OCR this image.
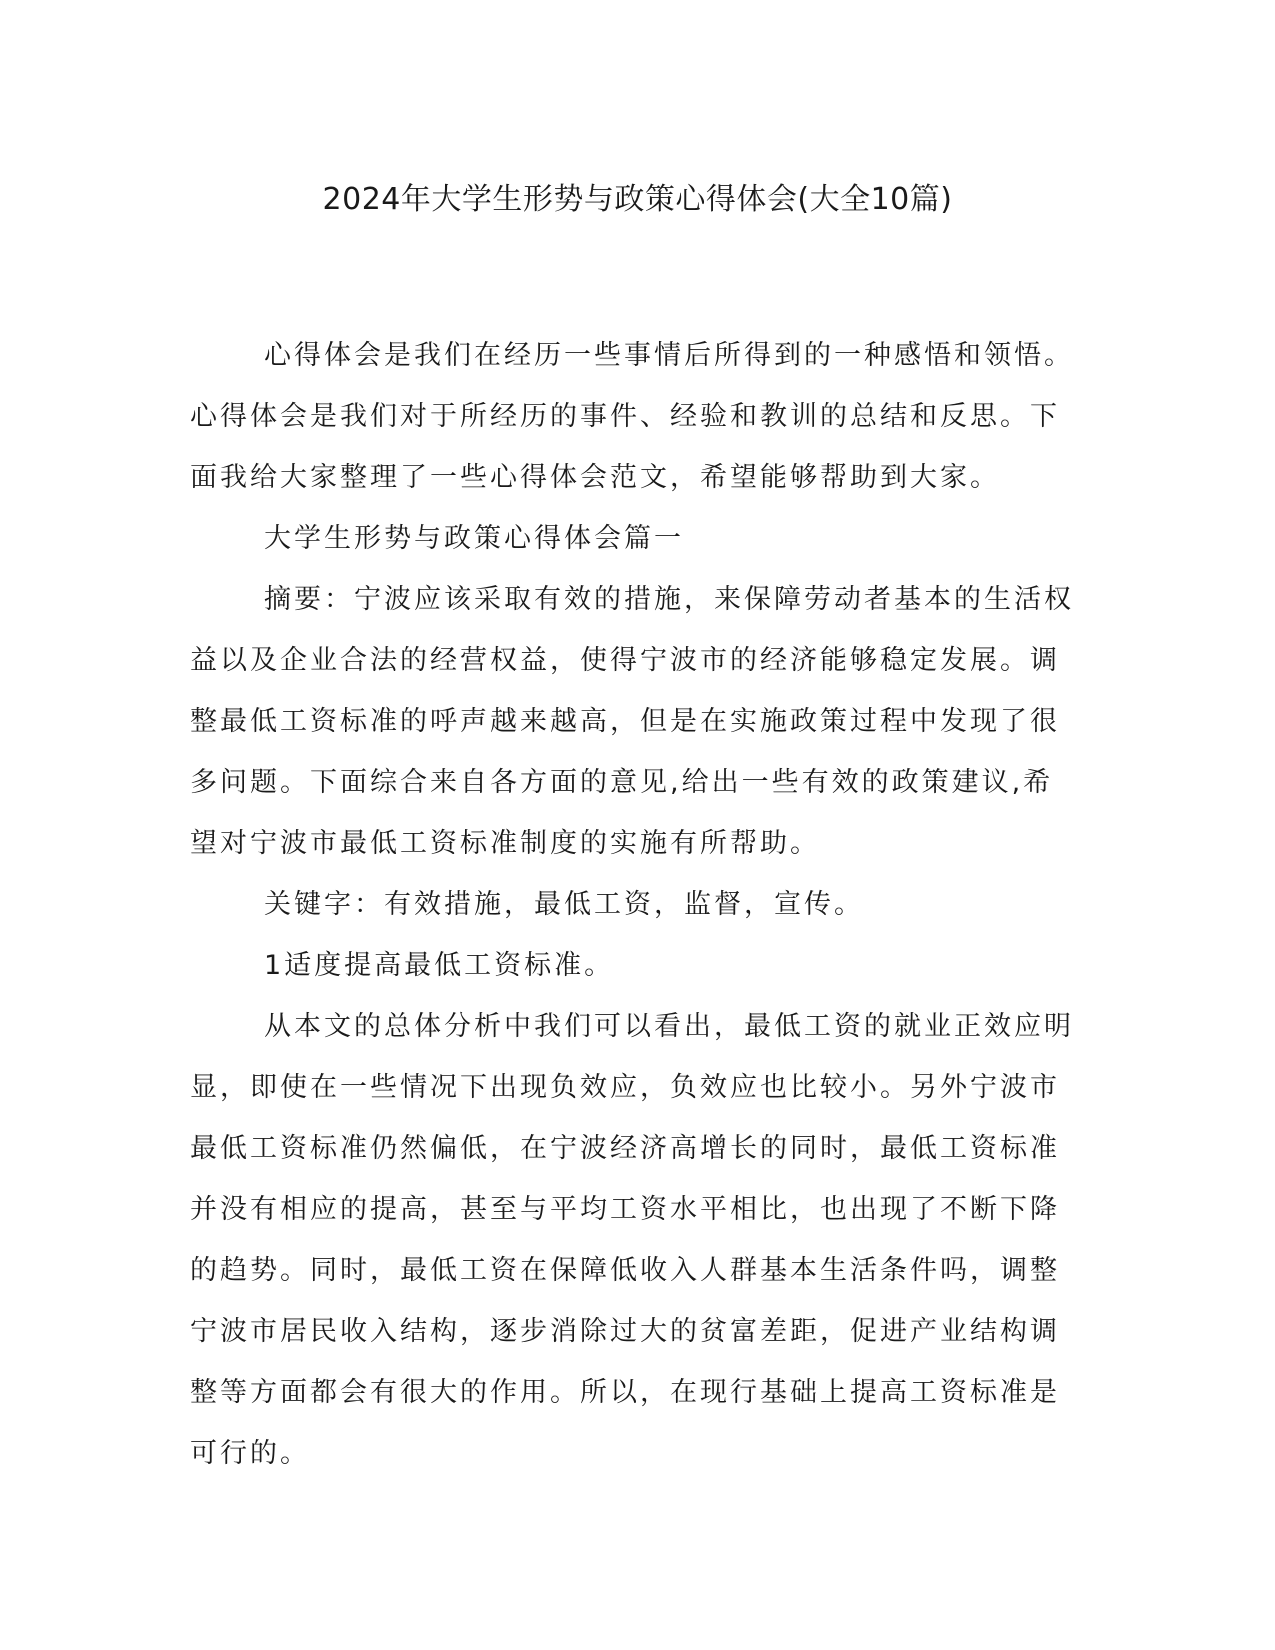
2024年大学生形势与政策心得体会(大全10篇)

心得体会是我们在经历一些事情后所得到的一种感悟和领悟。心得体会是我们对于所经历的事件、经验和教训的总结和反思。下面我给大家整理了一些心得体会范文，希望能够帮助到大家。

大学生形势与政策心得体会篇一

摘要：宁波应该采取有效的措施，来保障劳动者基本的生活权益以及企业合法的经营权益，使得宁波市的经济能够稳定发展。调整最低工资标准的呼声越来越高，但是在实施政策过程中发现了很多问题。下面综合来自各方面的意见,给出一些有效的政策建议,希望对宁波市最低工资标准制度的实施有所帮助。

关键字：有效措施，最低工资，监督，宣传。

1适度提高最低工资标准。

从本文的总体分析中我们可以看出，最低工资的就业正效应明显，即使在一些情况下出现负效应，负效应也比较小。另外宁波市最低工资标准仍然偏低，在宁波经济高增长的同时，最低工资标准并没有相应的提高，甚至与平均工资水平相比，也出现了不断下降的趋势。同时，最低工资在保障低收入人群基本生活条件吗，调整宁波市居民收入结构，逐步消除过大的贫富差距，促进产业结构调整等方面都会有很大的作用。所以，在现行基础上提高工资标准是可行的。
